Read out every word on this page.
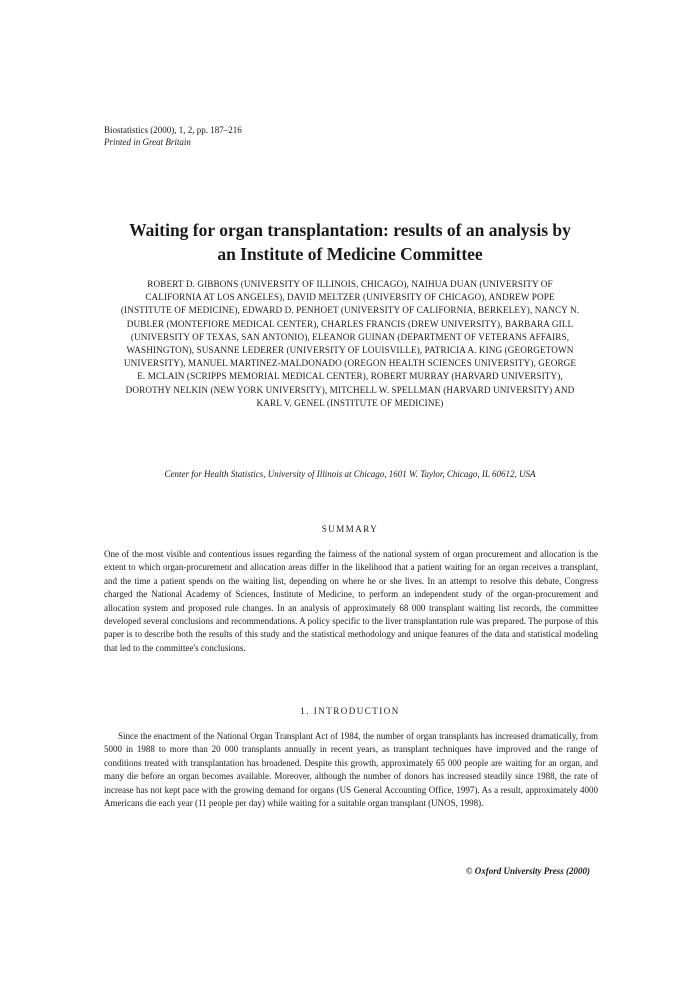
Biostatistics (2000), 1, 2, pp. 187–216
Printed in Great Britain
Waiting for organ transplantation: results of an analysis by an Institute of Medicine Committee
ROBERT D. GIBBONS (UNIVERSITY OF ILLINOIS, CHICAGO), NAIHUA DUAN (UNIVERSITY OF CALIFORNIA AT LOS ANGELES), DAVID MELTZER (UNIVERSITY OF CHICAGO), ANDREW POPE (INSTITUTE OF MEDICINE), EDWARD D. PENHOET (UNIVERSITY OF CALIFORNIA, BERKELEY), NANCY N. DUBLER (MONTEFIORE MEDICAL CENTER), CHARLES FRANCIS (DREW UNIVERSITY), BARBARA GILL (UNIVERSITY OF TEXAS, SAN ANTONIO), ELEANOR GUINAN (DEPARTMENT OF VETERANS AFFAIRS, WASHINGTON), SUSANNE LEDERER (UNIVERSITY OF LOUISVILLE), PATRICIA A. KING (GEORGETOWN UNIVERSITY), MANUEL MARTINEZ-MALDONADO (OREGON HEALTH SCIENCES UNIVERSITY), GEORGE E. MCLAIN (SCRIPPS MEMORIAL MEDICAL CENTER), ROBERT MURRAY (HARVARD UNIVERSITY), DOROTHY NELKIN (NEW YORK UNIVERSITY), MITCHELL W. SPELLMAN (HARVARD UNIVERSITY) AND KARL V. GENEL (INSTITUTE OF MEDICINE)
Center for Health Statistics, University of Illinois at Chicago, 1601 W. Taylor, Chicago, IL 60612, USA
SUMMARY
One of the most visible and contentious issues regarding the fairness of the national system of organ procurement and allocation is the extent to which organ-procurement and allocation areas differ in the likelihood that a patient waiting for an organ receives a transplant, and the time a patient spends on the waiting list, depending on where he or she lives. In an attempt to resolve this debate, Congress charged the National Academy of Sciences, Institute of Medicine, to perform an independent study of the organ-procurement and allocation system and proposed rule changes. In an analysis of approximately 68 000 transplant waiting list records, the committee developed several conclusions and recommendations. A policy specific to the liver transplantation rule was prepared. The purpose of this paper is to describe both the results of this study and the statistical methodology and unique features of the data and statistical modeling that led to the committee's conclusions.
1. INTRODUCTION
Since the enactment of the National Organ Transplant Act of 1984, the number of organ transplants has increased dramatically, from 5000 in 1988 to more than 20 000 transplants annually in recent years, as transplant techniques have improved and the range of conditions treated with transplantation has broadened. Despite this growth, approximately 65 000 people are waiting for an organ, and many die before an organ becomes available. Moreover, although the number of donors has increased steadily since 1988, the rate of increase has not kept pace with the growing demand for organs (US General Accounting Office, 1997). As a result, approximately 4000 Americans die each year (11 people per day) while waiting for a suitable organ transplant (UNOS, 1998).
© Oxford University Press (2000)
